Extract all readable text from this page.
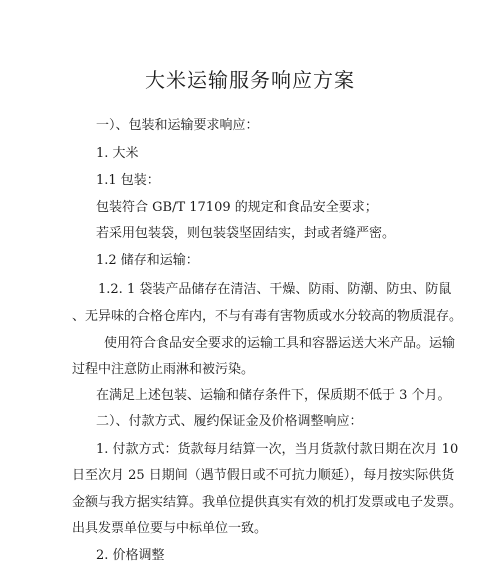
大米运输服务响应方案
一）、包装和运输要求响应：
1. 大米
1.1 包装：
包装符合 GB/T 17109 的规定和食品安全要求；
若采用包装袋，则包装袋坚固结实，封或者缝严密。
1.2 储存和运输：
1.2. 1 袋装产品储存在清洁、干燥、防雨、防潮、防虫、防鼠
、无异味的合格仓库内，不与有毒有害物质或水分较高的物质混存。
使用符合食品安全要求的运输工具和容器运送大米产品。运输
过程中注意防止雨淋和被污染。
在满足上述包装、运输和储存条件下，保质期不低于 3 个月。
二）、付款方式、履约保证金及价格调整响应：
1. 付款方式：货款每月结算一次，当月货款付款日期在次月 10
日至次月 25 日期间（遇节假日或不可抗力顺延），每月按实际供货
金额与我方据实结算。我单位提供真实有效的机打发票或电子发票。
出具发票单位要与中标单位一致。
2. 价格调整
